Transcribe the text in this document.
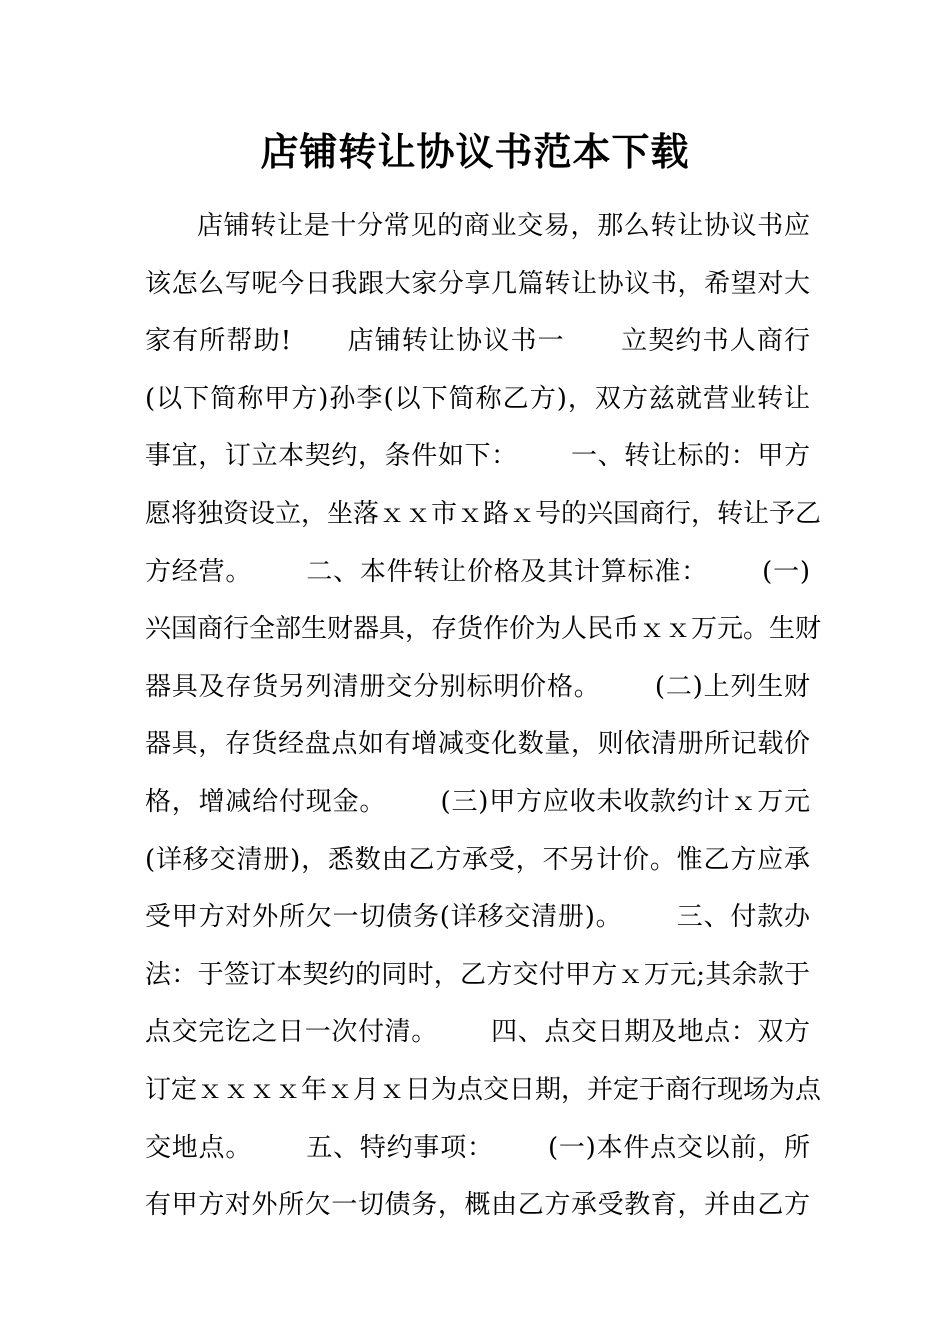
店铺转让协议书范本下载
店铺转让是十分常见的商业交易，那么转让协议书应
该怎么写呢今日我跟大家分享几篇转让协议书，希望对大
家有所帮助!      店铺转让协议书一      立契约书人商行
(以下简称甲方)孙李(以下简称乙方)，双方兹就营业转让
事宜，订立本契约，条件如下：      一、转让标的：甲方
愿将独资设立，坐落ｘｘ市ｘ路ｘ号的兴国商行，转让予乙
方经营。      二、本件转让价格及其计算标准：      (一)
兴国商行全部生财器具，存货作价为人民币ｘｘ万元。生财
器具及存货另列清册交分别标明价格。      (二)上列生财
器具，存货经盘点如有增减变化数量，则依清册所记载价
格，增减给付现金。      (三)甲方应收未收款约计ｘ万元
(详移交清册)，悉数由乙方承受，不另计价。惟乙方应承
受甲方对外所欠一切债务(详移交清册)。      三、付款办
法：于签订本契约的同时，乙方交付甲方ｘ万元;其余款于
点交完讫之日一次付清。      四、点交日期及地点：双方
订定ｘｘｘｘ年ｘ月ｘ日为点交日期，并定于商行现场为点
交地点。      五、特约事项：      (一)本件点交以前，所
有甲方对外所欠一切债务，概由乙方承受教育，并由乙方
